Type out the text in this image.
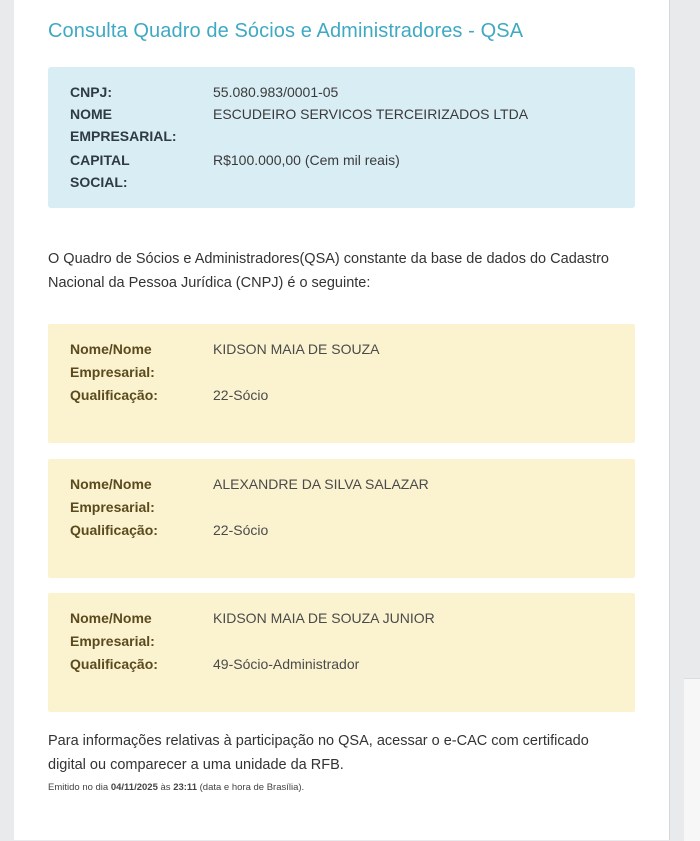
Consulta Quadro de Sócios e Administradores - QSA
CNPJ:	55.080.983/0001-05
NOME	ESCUDEIRO SERVICOS TERCEIRIZADOS LTDA
EMPRESARIAL:
CAPITAL	R$100.000,00 (Cem mil reais)
SOCIAL:

O Quadro de Sócios e Administradores(QSA) constante da base de dados do Cadastro
Nacional da Pessoa Jurídica (CNPJ) é o seguinte:

Nome/Nome	KIDSON MAIA DE SOUZA
Empresarial:
Qualificação:	22-Sócio
Nome/Nome	ALEXANDRE DA SILVA SALAZAR
Empresarial:
Qualificação:	22-Sócio
Nome/Nome	KIDSON MAIA DE SOUZA JUNIOR
Empresarial:
Qualificação:	49-Sócio-Administrador

Para informações relativas à participação no QSA, acessar o e-CAC com certificado
digital ou comparecer a uma unidade da RFB.

Emitido no dia 04/11/2025 às 23:11 (data e hora de Brasília).
